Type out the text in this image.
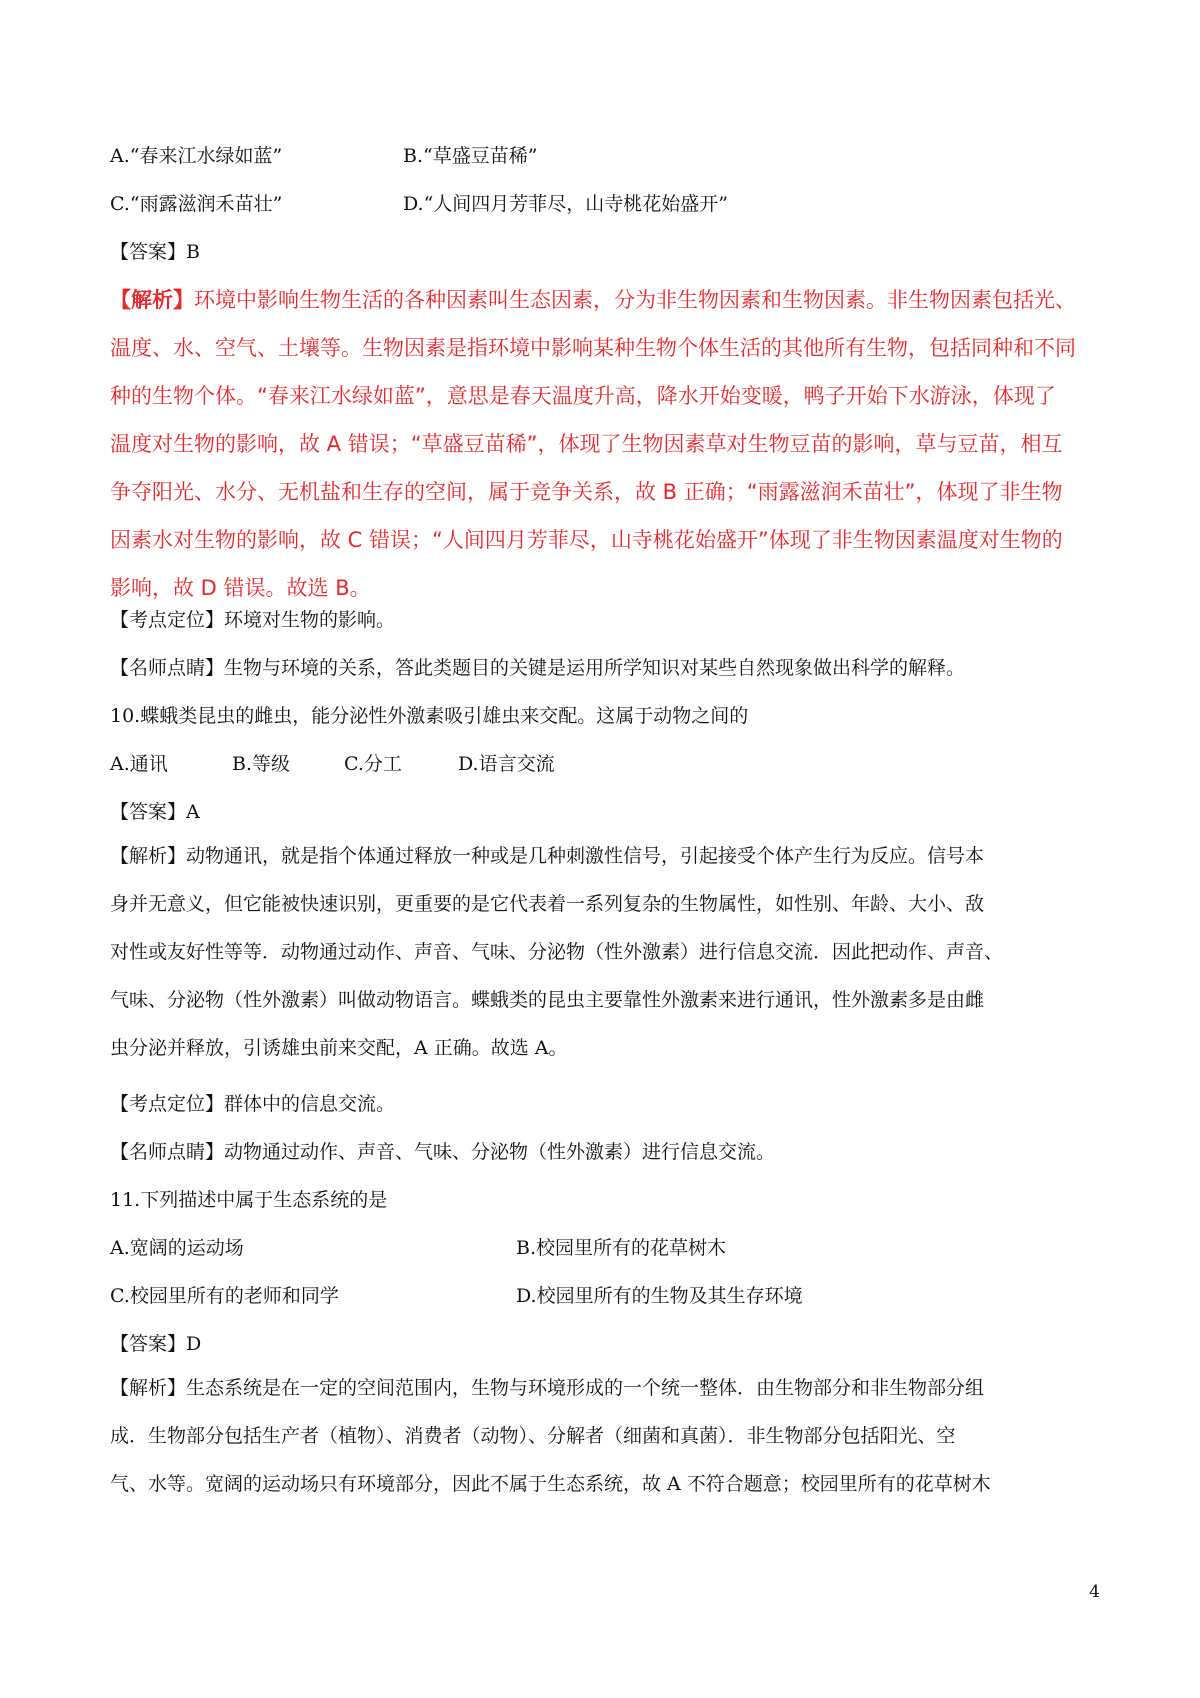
A.“春来江水绿如蓝”	B.“草盛豆苗稀”
C.“雨露滋润禾苗壮”	D.“人间四月芳菲尽，山寺桃花始盛开”
【答案】B
【解析】环境中影响生物生活的各种因素叫生态因素，分为非生物因素和生物因素。非生物因素包括光、
温度、水、空气、土壤等。生物因素是指环境中影响某种生物个体生活的其他所有生物，包括同种和不同
种的生物个体。“春来江水绿如蓝”，意思是春天温度升高，降水开始变暖，鸭子开始下水游泳，体现了
温度对生物的影响，故 A 错误；“草盛豆苗稀”，体现了生物因素草对生物豆苗的影响，草与豆苗，相互
争夺阳光、水分、无机盐和生存的空间，属于竞争关系，故 B 正确；“雨露滋润禾苗壮”，体现了非生物
因素水对生物的影响，故 C 错误；“人间四月芳菲尽，山寺桃花始盛开”体现了非生物因素温度对生物的
影响，故 D 错误。故选 B。
【考点定位】环境对生物的影响。
【名师点睛】生物与环境的关系，答此类题目的关键是运用所学知识对某些自然现象做出科学的解释。
10.蝶蛾类昆虫的雌虫，能分泌性外激素吸引雄虫来交配。这属于动物之间的
A.通讯	B.等级	C.分工	D.语言交流
【答案】A
【解析】动物通讯，就是指个体通过释放一种或是几种刺激性信号，引起接受个体产生行为反应。信号本
身并无意义，但它能被快速识别，更重要的是它代表着一系列复杂的生物属性，如性别、年龄、大小、敌
对性或友好性等等．动物通过动作、声音、气味、分泌物（性外激素）进行信息交流．因此把动作、声音、
气味、分泌物（性外激素）叫做动物语言。蝶蛾类的昆虫主要靠性外激素来进行通讯，性外激素多是由雌
虫分泌并释放，引诱雄虫前来交配，A 正确。故选 A。
【考点定位】群体中的信息交流。
【名师点睛】动物通过动作、声音、气味、分泌物（性外激素）进行信息交流。
11.下列描述中属于生态系统的是
A.宽阔的运动场	B.校园里所有的花草树木
C.校园里所有的老师和同学	D.校园里所有的生物及其生存环境
【答案】D
【解析】生态系统是在一定的空间范围内，生物与环境形成的一个统一整体．由生物部分和非生物部分组
成．生物部分包括生产者（植物）、消费者（动物）、分解者（细菌和真菌）．非生物部分包括阳光、空
气、水等。宽阔的运动场只有环境部分，因此不属于生态系统，故 A 不符合题意；校园里所有的花草树木
4
